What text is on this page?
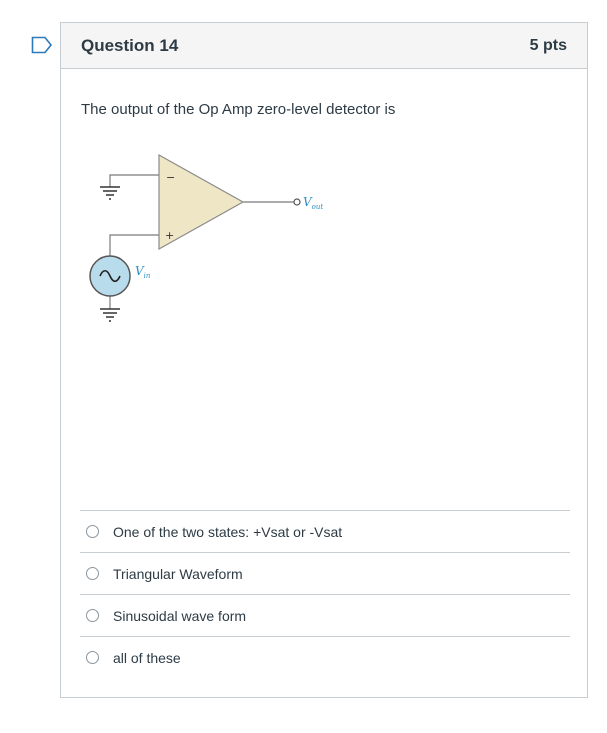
Question 14	5 pts
The output of the Op Amp zero-level detector is
−
+
$V_{out}$
$V_{in}$
One of the two states: +Vsat or -Vsat
Triangular Waveform
Sinusoidal wave form
all of these
